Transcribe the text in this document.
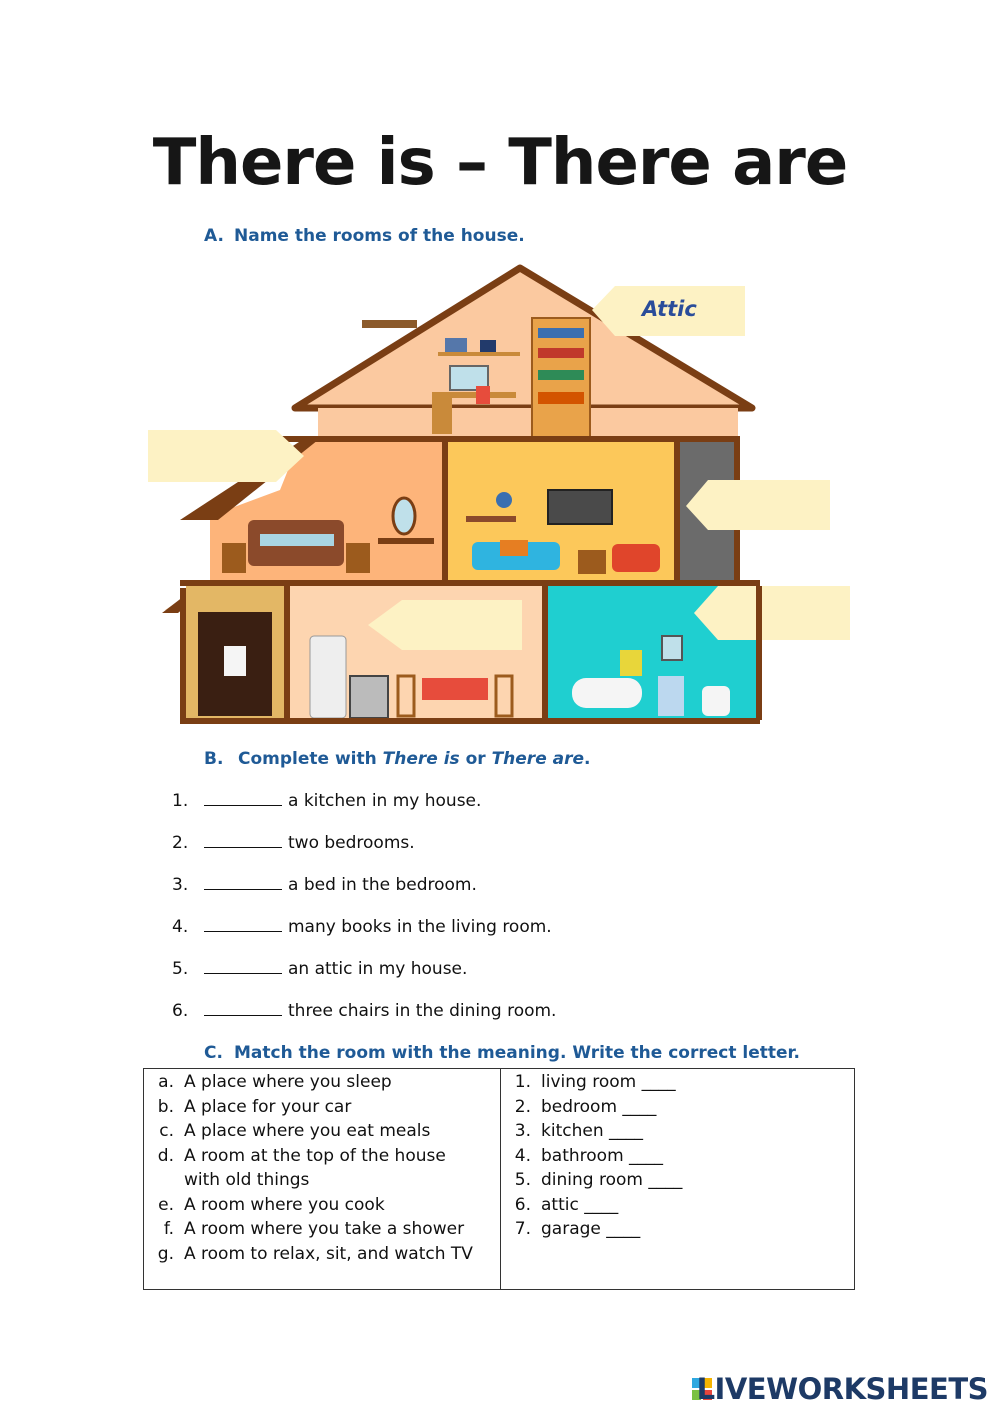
There is – There are
A. Name the rooms of the house.
Attic
B. Complete with There is or There are.
1.	a kitchen in my house.
2.	two bedrooms.
3.	a bed in the bedroom.
4.	many books in the living room.
5.	an attic in my house.
6.	three chairs in the dining room.
C. Match the room with the meaning. Write the correct letter.
a. A place where you sleep
b. A place for your car
c. A place where you eat meals
d. A room at the top of the house
with old things
e. A room where you cook
f. A room where you take a shower
g. A room to relax, sit, and watch TV
1. living room ____
2. bedroom ____
3. kitchen ____
4. bathroom ____
5. dining room ____
6. attic ____
7. garage ____
LIVEWORKSHEETS
